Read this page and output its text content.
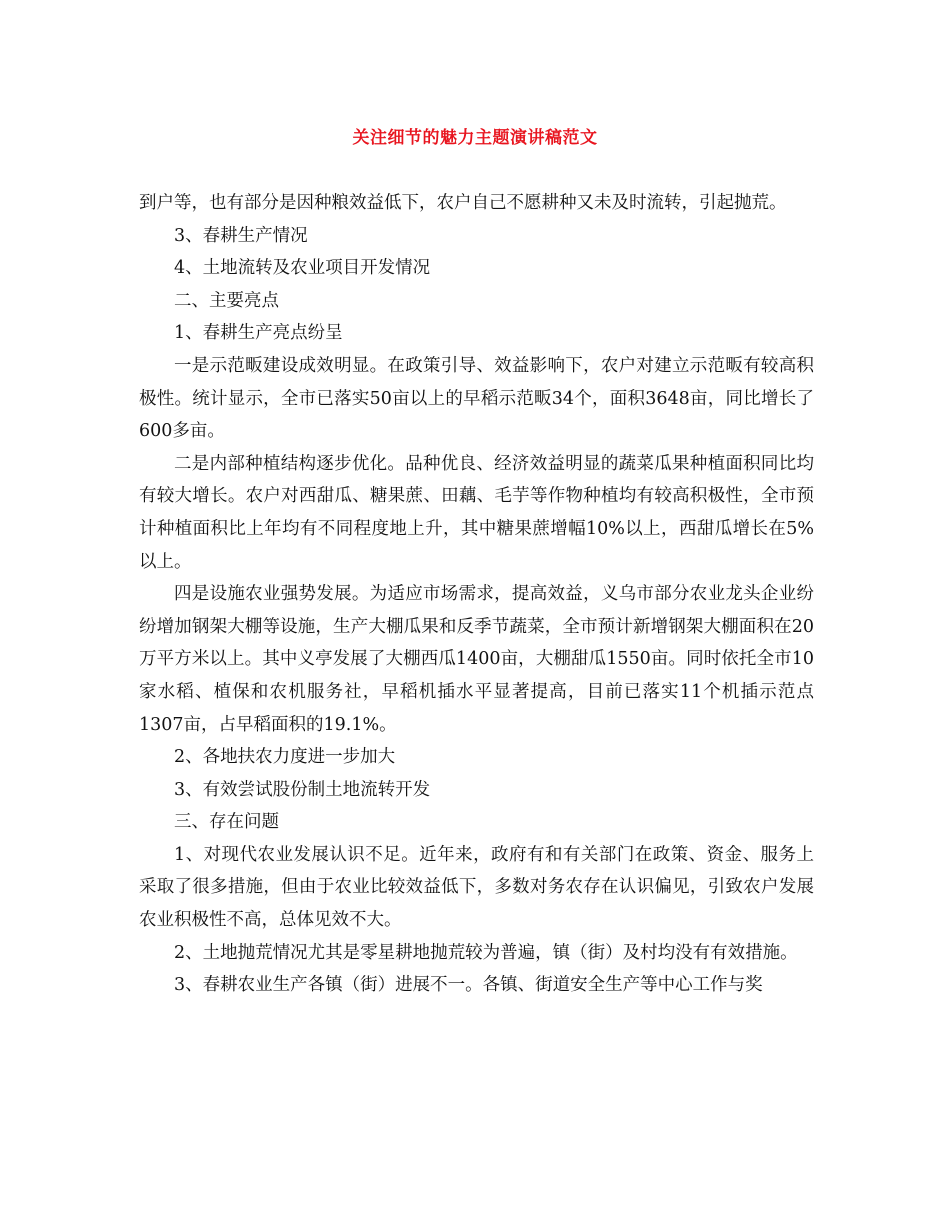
关注细节的魅力主题演讲稿范文

到户等，也有部分是因种粮效益低下，农户自己不愿耕种又未及时流转，引起抛荒。

3、春耕生产情况

4、土地流转及农业项目开发情况

二、主要亮点

1、春耕生产亮点纷呈

一是示范畈建设成效明显。在政策引导、效益影响下，农户对建立示范畈有较高积极性。统计显示，全市已落实50亩以上的早稻示范畈34个，面积3648亩，同比增长了600多亩。

二是内部种植结构逐步优化。品种优良、经济效益明显的蔬菜瓜果种植面积同比均有较大增长。农户对西甜瓜、糖果蔗、田藕、毛芋等作物种植均有较高积极性，全市预计种植面积比上年均有不同程度地上升，其中糖果蔗增幅10%以上，西甜瓜增长在5%以上。

四是设施农业强势发展。为适应市场需求，提高效益，义乌市部分农业龙头企业纷纷增加钢架大棚等设施，生产大棚瓜果和反季节蔬菜，全市预计新增钢架大棚面积在20万平方米以上。其中义亭发展了大棚西瓜1400亩，大棚甜瓜1550亩。同时依托全市10家水稻、植保和农机服务社，早稻机插水平显著提高，目前已落实11个机插示范点1307亩，占早稻面积的19.1%。

2、各地扶农力度进一步加大

3、有效尝试股份制土地流转开发

三、存在问题

1、对现代农业发展认识不足。近年来，政府有和有关部门在政策、资金、服务上采取了很多措施，但由于农业比较效益低下，多数对务农存在认识偏见，引致农户发展农业积极性不高，总体见效不大。

2、土地抛荒情况尤其是零星耕地抛荒较为普遍，镇（街）及村均没有有效措施。

3、春耕农业生产各镇（街）进展不一。各镇、街道安全生产等中心工作与奖
